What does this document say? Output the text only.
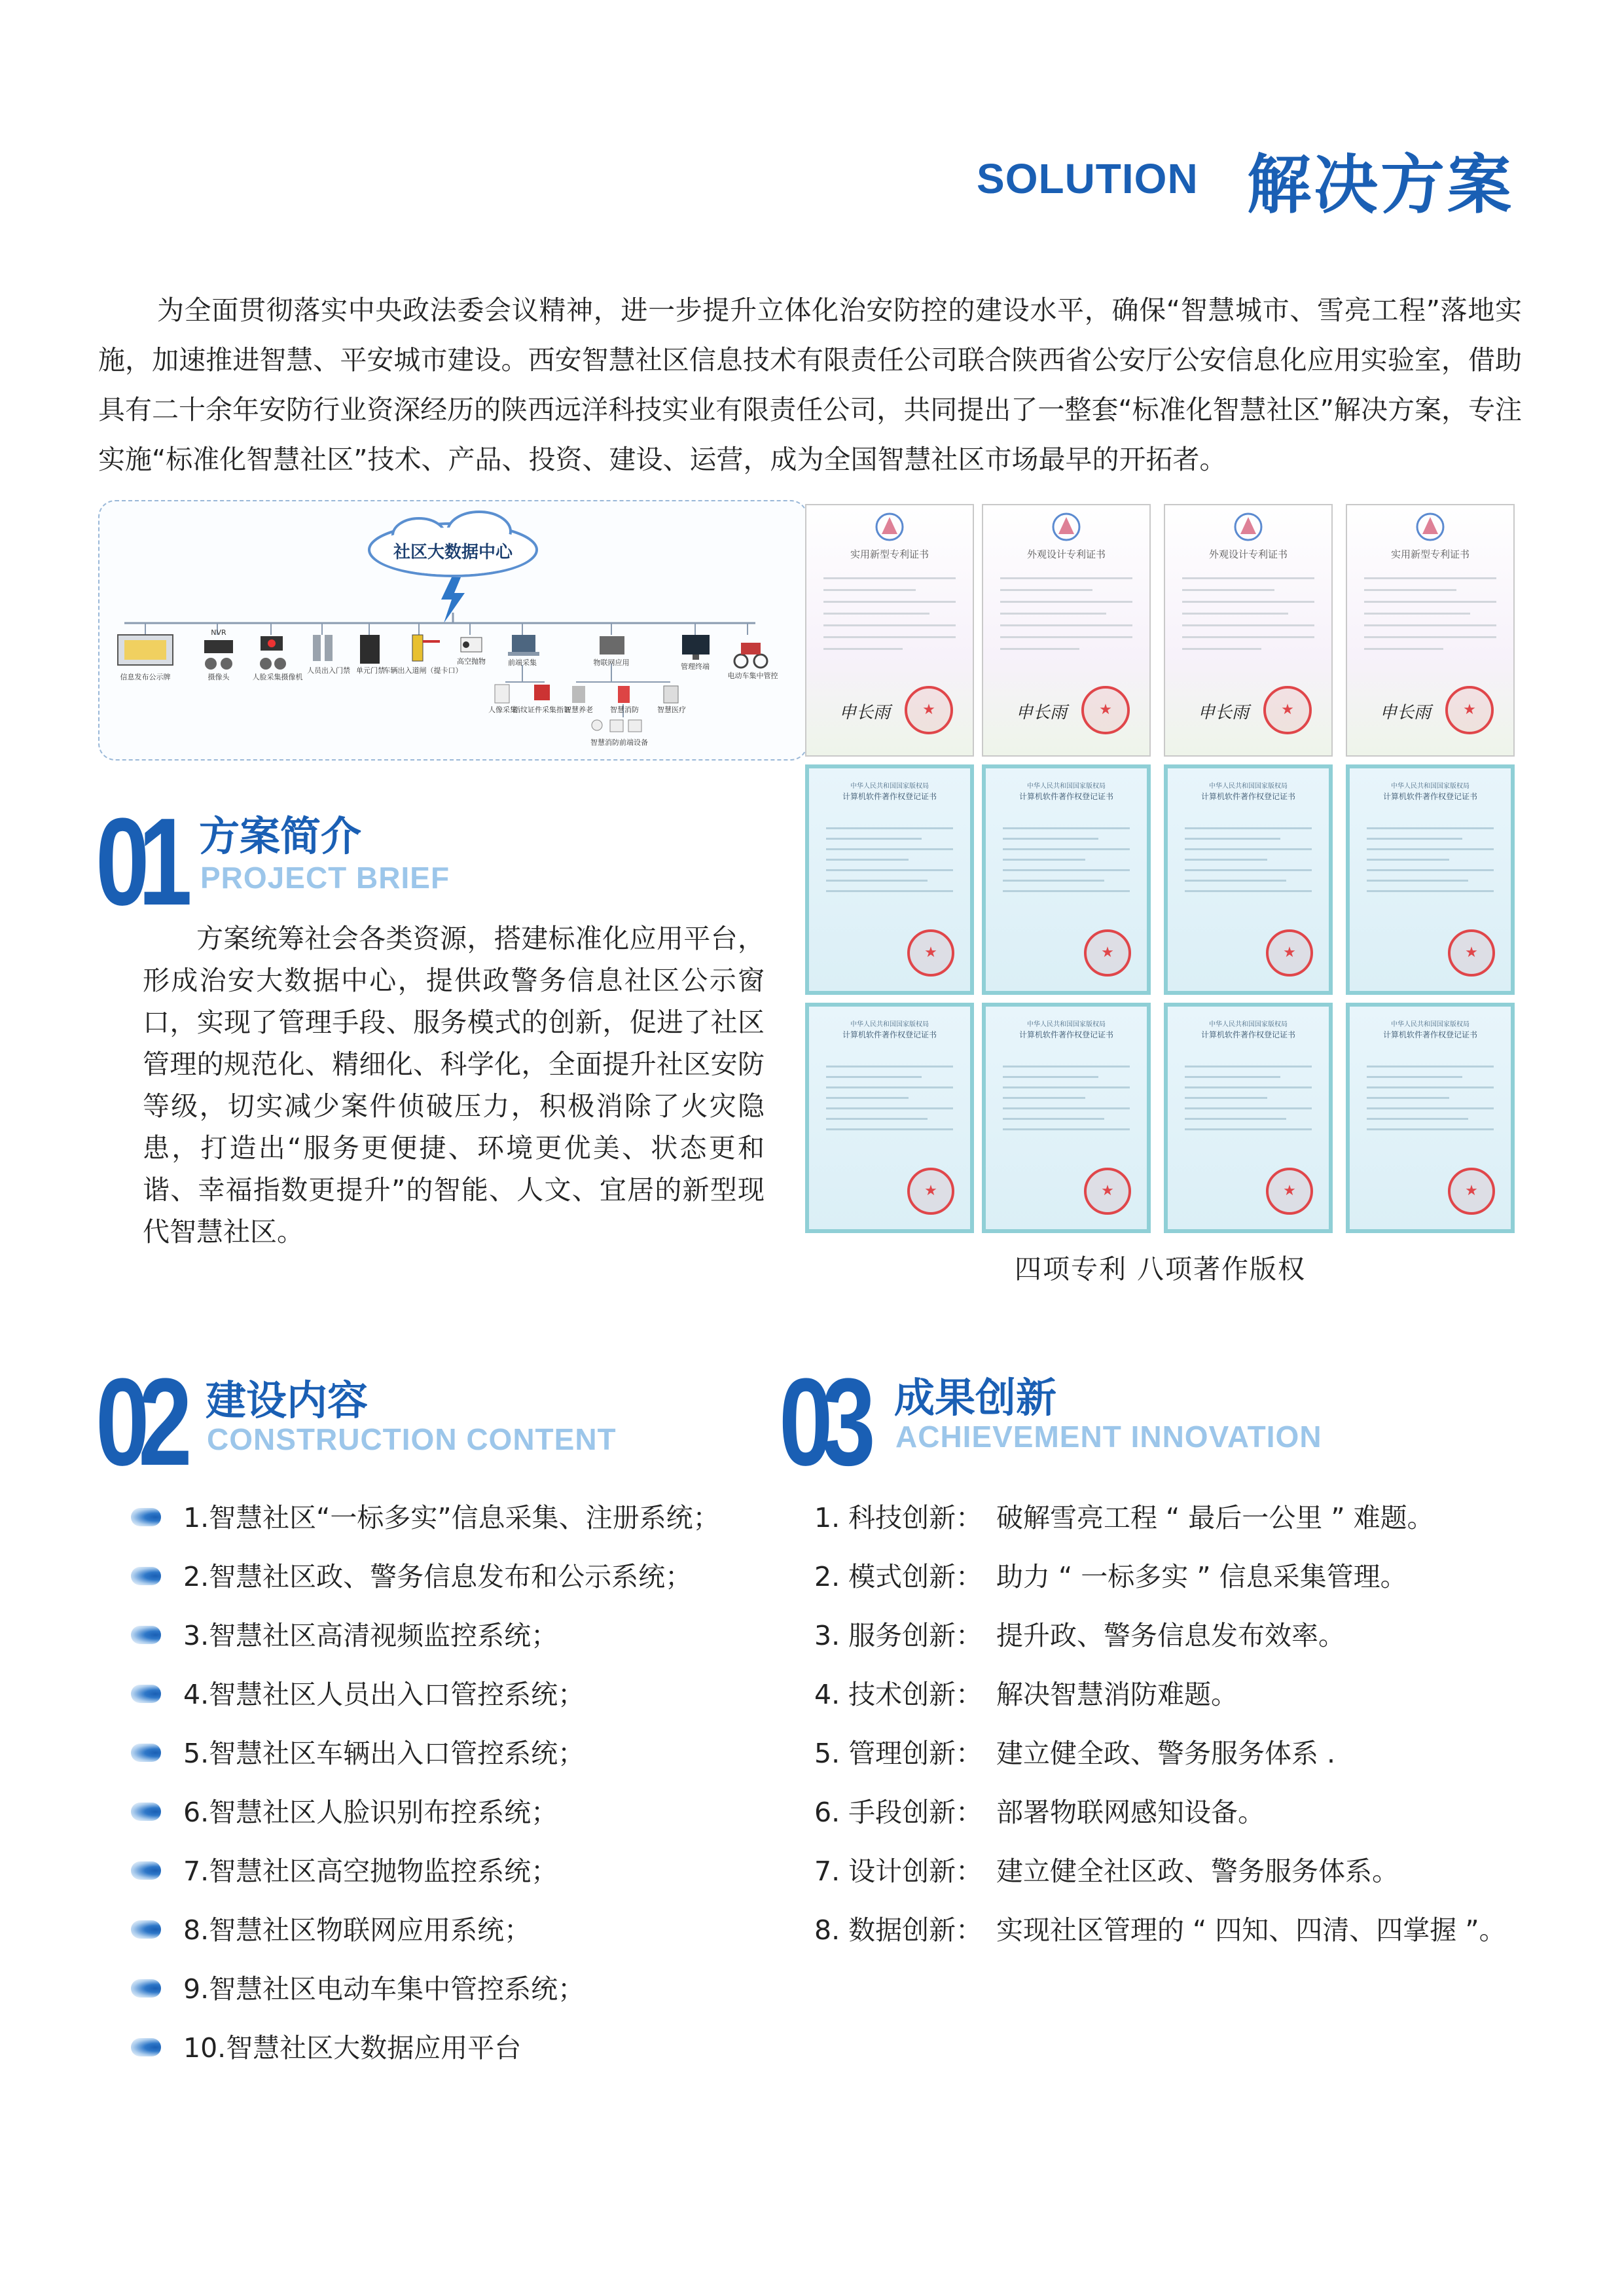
SOLUTION 解决方案
为全面贯彻落实中央政法委会议精神，进一步提升立体化治安防控的建设水平，确保“智慧城市、雪亮工程”落地实施，加速推进智慧、平安城市建设。西安智慧社区信息技术有限责任公司联合陕西省公安厅公安信息化应用实验室，借助具有二十余年安防行业资深经历的陕西远洋科技实业有限责任公司，共同提出了一整套“标准化智慧社区”解决方案，专注实施“标准化智慧社区”技术、产品、投资、建设、运营，成为全国智慧社区市场最早的开拓者。
社区大数据中心
信息发布公示牌	摄像头
NVR
人脸采集摄像机
人员出入门禁 单元门禁
车辆出入道闸（提卡口）
高空抛物	前端采集
人像采集
指纹证件采集指证
物联网应用
智慧养老 智慧消防	智慧医疗
智慧消防前端设备
管理终端
电动车集中管控
实用新型专利证书
申长雨
★
外观设计专利证书
申长雨
★
外观设计专利证书
申长雨
★
实用新型专利证书
申长雨
★
中华人民共和国国家版权局
计算机软件著作权登记证书
★
中华人民共和国国家版权局
计算机软件著作权登记证书
★
中华人民共和国国家版权局
计算机软件著作权登记证书
★
中华人民共和国国家版权局
计算机软件著作权登记证书
★
中华人民共和国国家版权局
计算机软件著作权登记证书
★
中华人民共和国国家版权局
计算机软件著作权登记证书
★
中华人民共和国国家版权局
计算机软件著作权登记证书
★
中华人民共和国国家版权局
计算机软件著作权登记证书
★
四项专利 八项著作版权
01 方案简介
PROJECT BRIEF
方案统筹社会各类资源，搭建标准化应用平台，形成治安大数据中心，提供政警务信息社区公示窗口，实现了管理手段、服务模式的创新，促进了社区管理的规范化、精细化、科学化，全面提升社区安防等级，切实减少案件侦破压力，积极消除了火灾隐患，打造出“服务更便捷、环境更优美、状态更和谐、幸福指数更提升”的智能、人文、宜居的新型现代智慧社区。
02 建设内容
CONSTRUCTION CONTENT
1.智慧社区“一标多实”信息采集、注册系统；
2.智慧社区政、警务信息发布和公示系统；
3.智慧社区高清视频监控系统；
4.智慧社区人员出入口管控系统；
5.智慧社区车辆出入口管控系统；
6.智慧社区人脸识别布控系统；
7.智慧社区高空抛物监控系统；
8.智慧社区物联网应用系统；
9.智慧社区电动车集中管控系统；
10.智慧社区大数据应用平台
03 成果创新
ACHIEVEMENT INNOVATION
1. 科技创新： 破解雪亮工程 “ 最后一公里 ” 难题。
2. 模式创新： 助力 “ 一标多实 ” 信息采集管理。
3. 服务创新： 提升政、警务信息发布效率。
4. 技术创新： 解决智慧消防难题。
5. 管理创新： 建立健全政、警务服务体系 .
6. 手段创新： 部署物联网感知设备。
7. 设计创新： 建立健全社区政、警务服务体系。
8. 数据创新： 实现社区管理的 “ 四知、四清、四掌握 ”。
